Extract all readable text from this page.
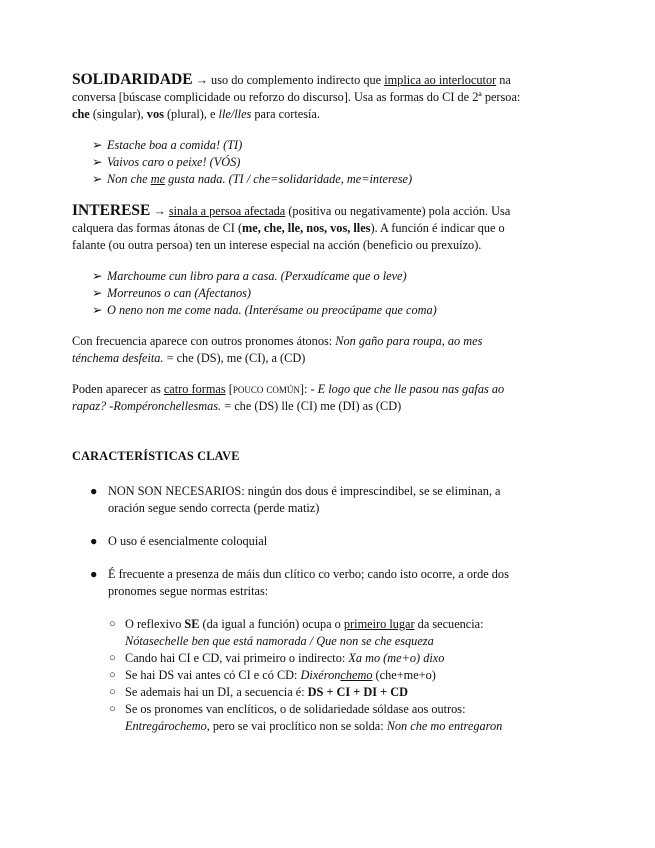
SOLIDARIDADE → uso do complemento indirecto que implica ao interlocutor na conversa [búscase complicidade ou reforzo do discurso]. Usa as formas do CI de 2ª persoa: che (singular), vos (plural), e lle/lles para cortesía.

➢ Estache boa a comida! (TI)
➢ Vaivos caro o peixe! (VÓS)
➢ Non che me gusta nada. (TI / che=solidaridade, me=interese)

INTERESE → sinala a persoa afectada (positiva ou negativamente) pola acción. Usa calquera das formas átonas de CI (me, che, lle, nos, vos, lles). A función é indicar que o falante (ou outra persoa) ten un interese especial na acción (beneficio ou prexuízo).

➢ Marchoume cun libro para a casa. (Perxudícame que o leve)
➢ Morreunos o can (Afectanos)
➢ O neno non me come nada. (Interésame ou preocúpame que coma)

Con frecuencia aparece con outros pronomes átonos: Non gaño para roupa, ao mes ténchema desfeita. = che (DS), me (CI), a (CD)

Poden aparecer as catro formas [pouco común]: - E logo que che lle pasou nas gafas ao rapaz? -Rompéronchellesmas. = che (DS) lle (CI) me (DI) as (CD)

CARACTERÍSTICAS CLAVE

● NON SON NECESARIOS: ningún dos dous é imprescindibel, se se eliminan, a oración segue sendo correcta (perde matiz)
● O uso é esencialmente coloquial
● É frecuente a presenza de máis dun clítico co verbo; cando isto ocorre, a orde dos pronomes segue normas estritas:
○ O reflexivo SE (da igual a función) ocupa o primeiro lugar da secuencia: Nótasechelle ben que está namorada / Que non se che esqueza
○ Cando hai CI e CD, vai primeiro o indirecto: Xa mo (me+o) dixo
○ Se hai DS vai antes có CI e có CD: Dixéronchemo (che+me+o)
○ Se ademais hai un DI, a secuencia é: DS + CI + DI + CD
○ Se os pronomes van enclíticos, o de solidariedade sóldase aos outros: Entregárochemo, pero se vai proclítico non se solda: Non che mo entregaron
